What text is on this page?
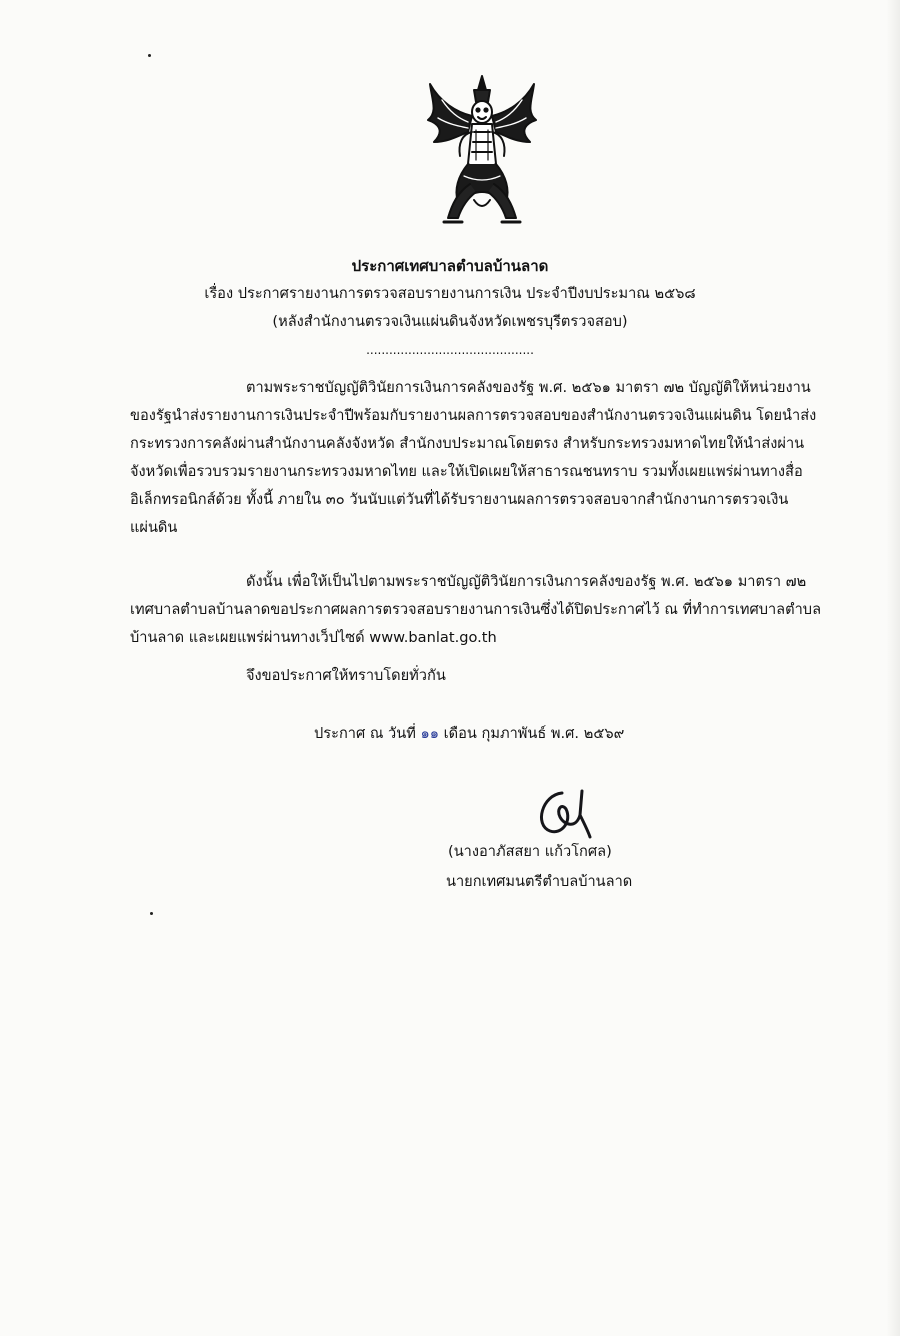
ประกาศเทศบาลตำบลบ้านลาด
เรื่อง ประกาศรายงานการตรวจสอบรายงานการเงิน ประจำปีงบประมาณ ๒๕๖๘
(หลังสำนักงานตรวจเงินแผ่นดินจังหวัดเพชรบุรีตรวจสอบ)
............................................
ตามพระราชบัญญัติวินัยการเงินการคลังของรัฐ พ.ศ. ๒๕๖๑ มาตรา ๗๒ บัญญัติให้หน่วยงาน
ของรัฐนำส่งรายงานการเงินประจำปีพร้อมกับรายงานผลการตรวจสอบของสำนักงานตรวจเงินแผ่นดิน โดยนำส่ง
กระทรวงการคลังผ่านสำนักงานคลังจังหวัด สำนักงบประมาณโดยตรง สำหรับกระทรวงมหาดไทยให้นำส่งผ่าน
จังหวัดเพื่อรวบรวมรายงานกระทรวงมหาดไทย และให้เปิดเผยให้สาธารณชนทราบ รวมทั้งเผยแพร่ผ่านทางสื่อ
อิเล็กทรอนิกส์ด้วย ทั้งนี้ ภายใน ๓๐ วันนับแต่วันที่ได้รับรายงานผลการตรวจสอบจากสำนักงานการตรวจเงิน
แผ่นดิน
ดังนั้น เพื่อให้เป็นไปตามพระราชบัญญัติวินัยการเงินการคลังของรัฐ พ.ศ. ๒๕๖๑ มาตรา ๗๒
เทศบาลตำบลบ้านลาดขอประกาศผลการตรวจสอบรายงานการเงินซึ่งได้ปิดประกาศไว้ ณ ที่ทำการเทศบาลตำบล
บ้านลาด และเผยแพร่ผ่านทางเว็ปไซด์ www.banlat.go.th
จึงขอประกาศให้ทราบโดยทั่วกัน
ประกาศ ณ วันที่ ๑๑ เดือน กุมภาพันธ์ พ.ศ. ๒๕๖๙
(นางอาภัสสยา แก้วโกศล)
นายกเทศมนตรีตำบลบ้านลาด
